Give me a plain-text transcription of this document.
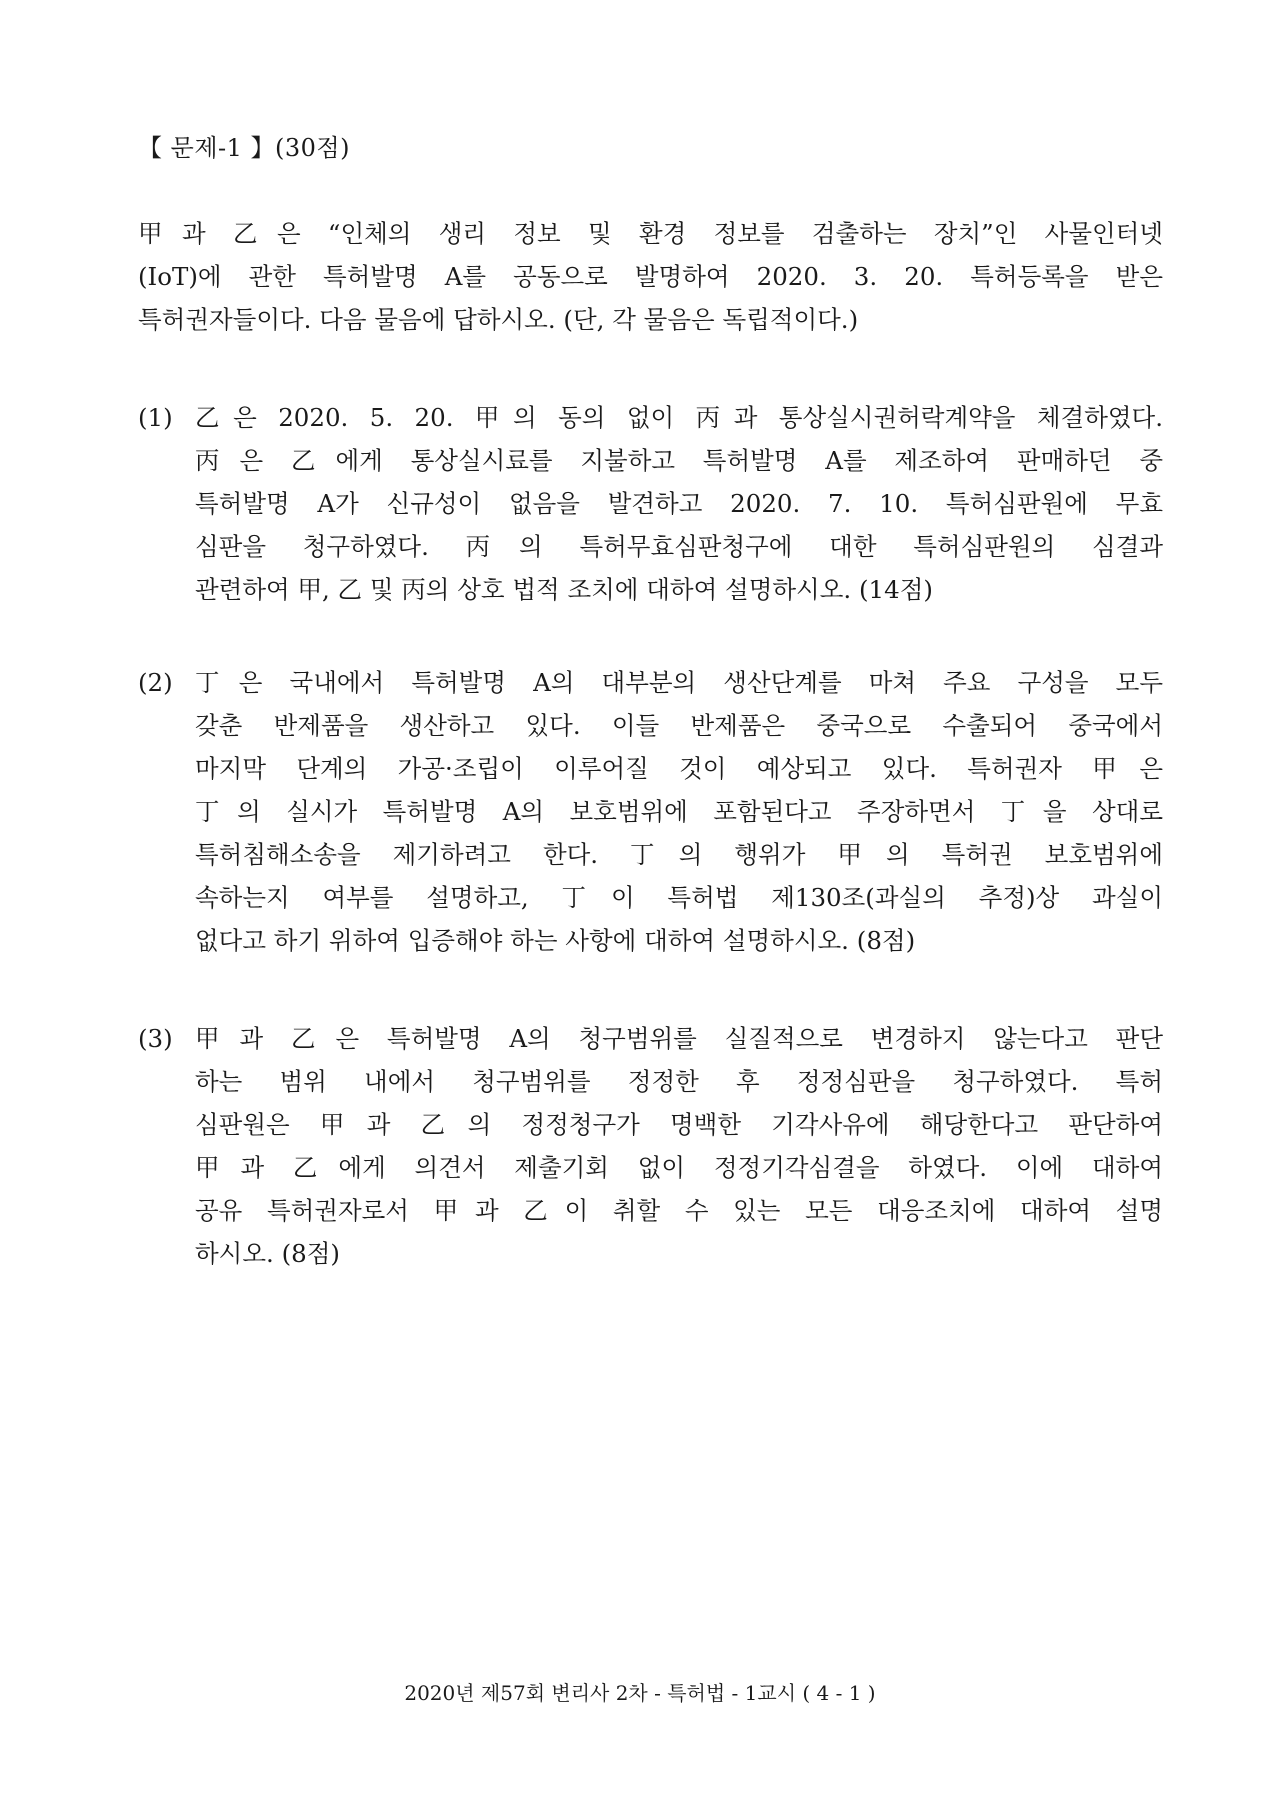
【 문제-1 】(30점)
甲과 乙은 “인체의 생리 정보 및 환경 정보를 검출하는 장치”인 사물인터넷
(IoT)에 관한 특허발명 A를 공동으로 발명하여 2020. 3. 20. 특허등록을 받은
특허권자들이다. 다음 물음에 답하시오. (단, 각 물음은 독립적이다.)
(1) 乙은 2020. 5. 20. 甲의 동의 없이 丙과 통상실시권허락계약을 체결하였다.
丙은 乙에게 통상실시료를 지불하고 특허발명 A를 제조하여 판매하던 중
특허발명 A가 신규성이 없음을 발견하고 2020. 7. 10. 특허심판원에 무효
심판을 청구하였다. 丙의 특허무효심판청구에 대한 특허심판원의 심결과
관련하여 甲, 乙 및 丙의 상호 법적 조치에 대하여 설명하시오. (14점)
(2) 丁은 국내에서 특허발명 A의 대부분의 생산단계를 마쳐 주요 구성을 모두
갖춘 반제품을 생산하고 있다. 이들 반제품은 중국으로 수출되어 중국에서
마지막 단계의 가공·조립이 이루어질 것이 예상되고 있다. 특허권자 甲은
丁의 실시가 특허발명 A의 보호범위에 포함된다고 주장하면서 丁을 상대로
특허침해소송을 제기하려고 한다. 丁의 행위가 甲의 특허권 보호범위에
속하는지 여부를 설명하고, 丁이 특허법 제130조(과실의 추정)상 과실이
없다고 하기 위하여 입증해야 하는 사항에 대하여 설명하시오. (8점)
(3) 甲과 乙은 특허발명 A의 청구범위를 실질적으로 변경하지 않는다고 판단
하는 범위 내에서 청구범위를 정정한 후 정정심판을 청구하였다. 특허
심판원은 甲과 乙의 정정청구가 명백한 기각사유에 해당한다고 판단하여
甲과 乙에게 의견서 제출기회 없이 정정기각심결을 하였다. 이에 대하여
공유 특허권자로서 甲과 乙이 취할 수 있는 모든 대응조치에 대하여 설명
하시오. (8점)
2020년 제57회 변리사 2차 - 특허법 - 1교시 ( 4 - 1 )
